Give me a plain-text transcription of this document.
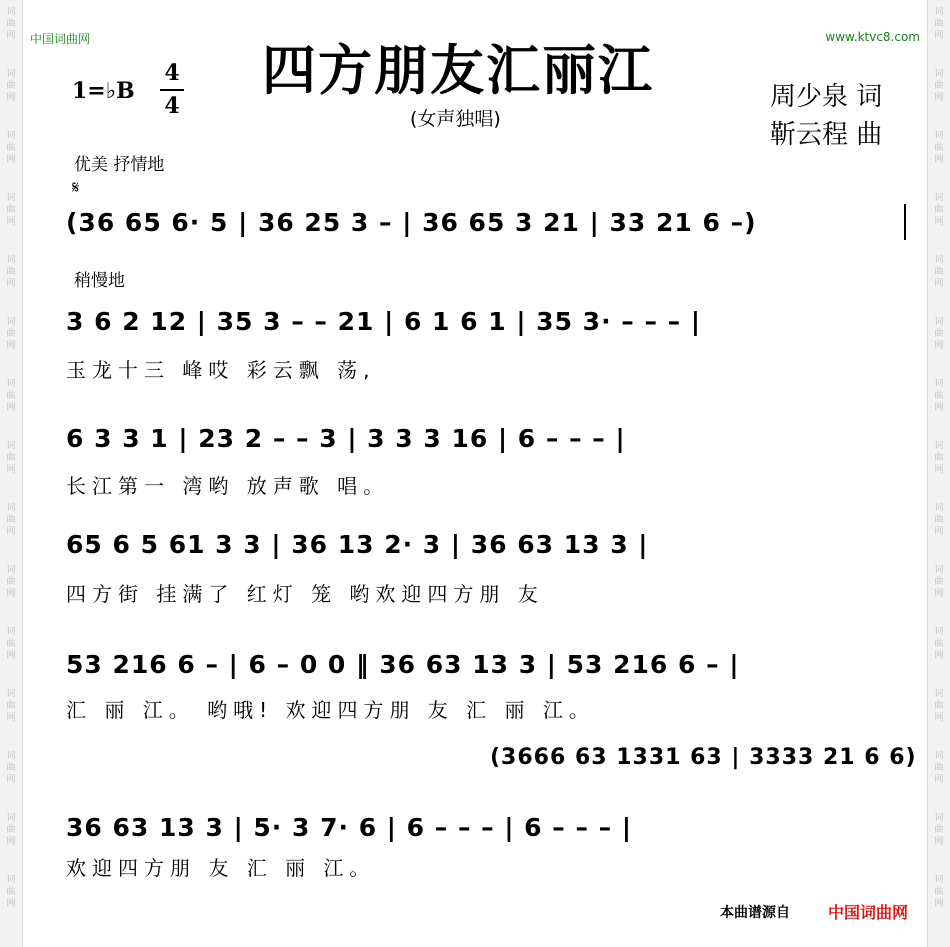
中国词曲网	www.ktvc8.com
四方朋友汇丽江
(女声独唱)
1=♭B
4
4	周少泉 词
靳云程 曲
优美 抒情地
𝄋
(36 65 6· 5 | 36 25 3 – | 36 65 3 21 | 33 21 6 –)
稍慢地
3 6 2 12 | 35 3 – – 21 | 6 1 6 1 | 35 3· – – – |
玉龙十三 峰哎 彩云飘 荡,
6 3 3 1 | 23 2 – – 3 | 3 3 3 16 | 6 – – – |
长江第一 湾哟 放声歌 唱。
65 6 5 61 3 3 | 36 13 2· 3 | 36 63 13 3 |
四方街 挂满了 红灯 笼 哟欢迎四方朋 友
53 216 6 – | 6 – 0 0 ‖ 36 63 13 3 | 53 216 6 – |
汇 丽 江。 哟哦! 欢迎四方朋 友 汇 丽 江。
(3666 63 1331 63 | 3333 21 6 6)
36 63 13 3 | 5· 3 7· 6 | 6 – – – | 6 – – – |
欢迎四方朋 友 汇 丽 江。
本曲谱源自 中国词曲网
词
曲
网
词
曲
网
词
曲
网
词
曲
网
词
曲
网
词
曲
网
词
曲
网
词
曲
网
词
曲
网
词
曲
网
词
曲
网
词
曲
网
词
曲
网
词
曲
网
词
曲
网
词
曲
网
词
曲
网
词
曲
网
词
曲
网
词
曲
网
词
曲
网
词
曲
网
词
曲
网
词
曲
网
词
曲
网
词
曲
网
词
曲
网
词
曲
网
词
曲
网
词
曲
网
